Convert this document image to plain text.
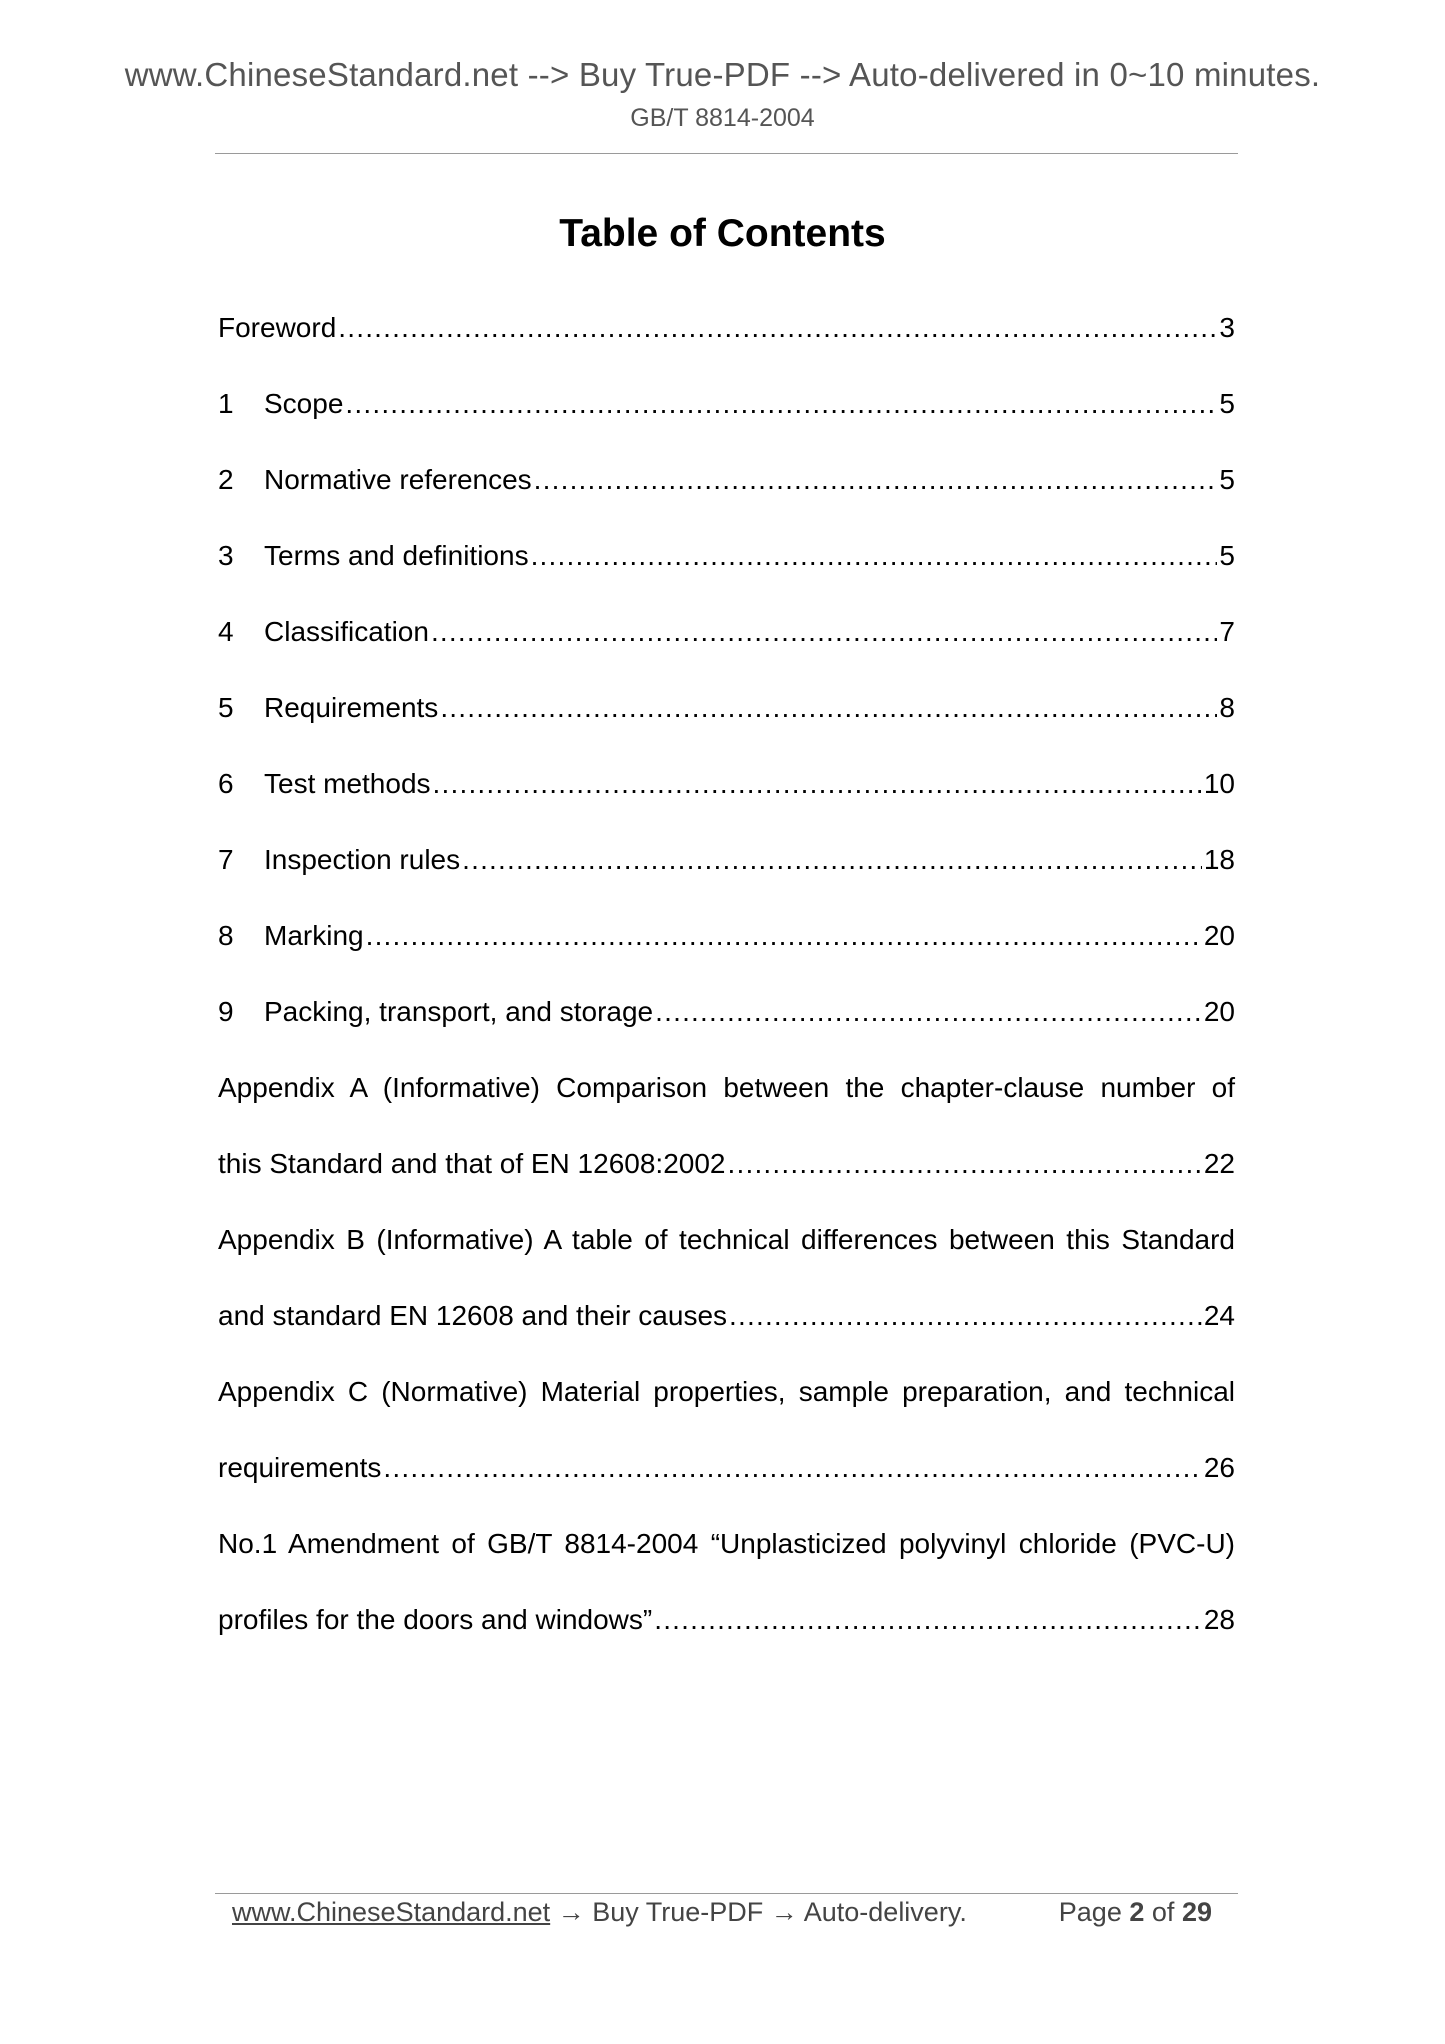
www.ChineseStandard.net --> Buy True-PDF --> Auto-delivered in 0~10 minutes.
GB/T 8814-2004
Table of Contents
Foreword .....	3
1	Scope .....	5
2	Normative references .....	5
3	Terms and definitions .....	5
4	Classification .....	7
5	Requirements .....	8
6	Test methods .....	10
7	Inspection rules .....	18
8	Marking .....	20
9	Packing, transport, and storage .....	20
Appendix A (Informative) Comparison between the chapter-clause number of
this Standard and that of EN 12608:2002 .....	22
Appendix B (Informative) A table of technical differences between this Standard
and standard EN 12608 and their causes .....	24
Appendix C (Normative) Material properties, sample preparation, and technical
requirements .....	26
No.1 Amendment of GB/T 8814-2004 “Unplasticized polyvinyl chloride (PVC-U)
profiles for the doors and windows” .....	28
www.ChineseStandard.net → Buy True-PDF → Auto-delivery.	Page 2 of 29
